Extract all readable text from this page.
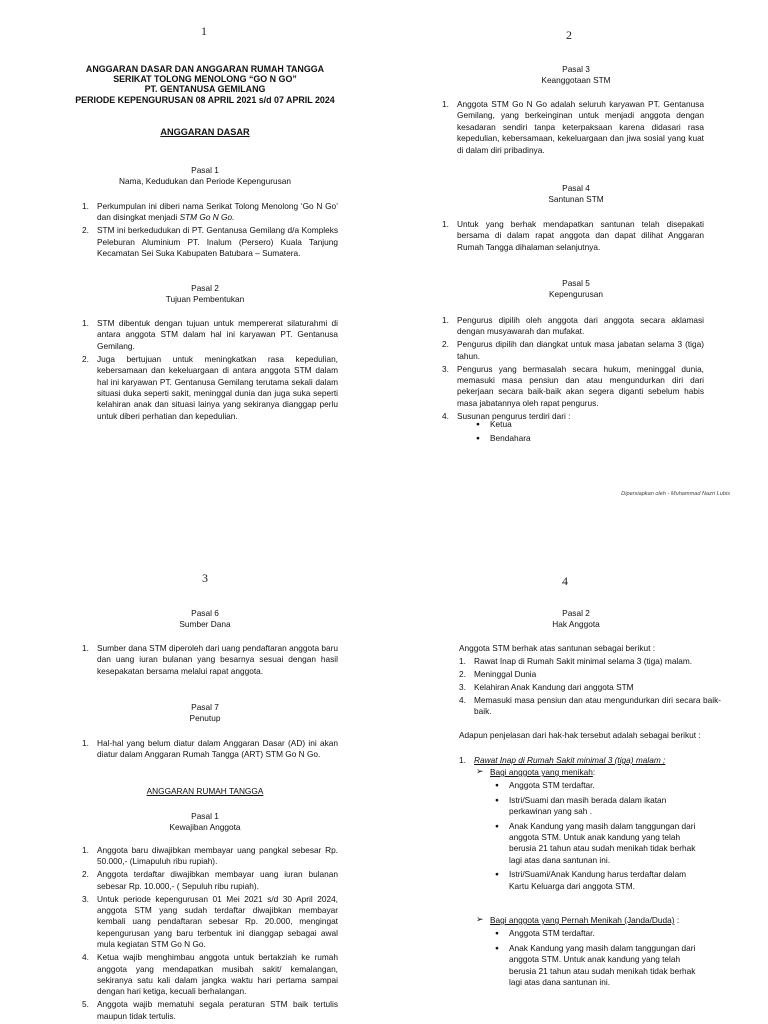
1
ANGGARAN DASAR DAN ANGGARAN RUMAH TANGGA
SERIKAT TOLONG MENOLONG “GO N GO”
PT. GENTANUSA GEMILANG
PERIODE KEPENGURUSAN 08 APRIL 2021 s/d 07 APRIL 2024
ANGGARAN DASAR
Pasal 1
Nama, Kedudukan dan Periode Kepengurusan
1. Perkumpulan ini diberi nama Serikat Tolong Menolong ‘Go N Go’ dan disingkat menjadi STM Go N Go.
2. STM ini berkedudukan di PT. Gentanusa Gemilang d/a Kompleks Peleburan Aluminium PT. Inalum (Persero) Kuala Tanjung Kecamatan Sei Suka Kabupaten Batubara – Sumatera.
Pasal 2
Tujuan Pembentukan
1. STM dibentuk dengan tujuan untuk mempererat silaturahmi di antara anggota STM dalam hal ini karyawan PT. Gentanusa Gemilang.
2. Juga bertujuan untuk meningkatkan rasa kepedulian, kebersamaan dan kekeluargaan di antara anggota STM dalam hal ini karyawan PT. Gentanusa Gemilang terutama sekali dalam situasi duka seperti sakit, meninggal dunia dan juga suka seperti kelahiran anak dan situasi lainya yang sekiranya dianggap perlu untuk diberi perhatian dan kepedulian.
2
Pasal 3
Keanggotaan STM
1. Anggota STM Go N Go adalah seluruh karyawan PT. Gentanusa Gemilang, yang berkeinginan untuk menjadi anggota dengan kesadaran sendiri tanpa keterpaksaan karena didasari rasa kepedulian, kebersamaan, kekeluargaan dan jiwa sosial yang kuat di dalam diri pribadinya.
Pasal 4
Santunan STM
1. Untuk yang berhak mendapatkan santunan telah disepakati bersama di dalam rapat anggota dan dapat dilihat Anggaran Rumah Tangga dihalaman selanjutnya.
Pasal 5
Kepengurusan
1. Pengurus dipilih oleh anggota dari anggota secara aklamasi dengan musyawarah dan mufakat.
2. Pengurus dipilih dan diangkat untuk masa jabatan selama 3 (tiga) tahun.
3. Pengurus yang bermasalah secara hukum, meninggal dunia, memasuki masa pensiun dan atau mengundurkan diri dari pekerjaan secara baik-baik akan segera diganti sebelum habis masa jabatannya oleh rapat pengurus.
4. Susunan pengurus terdiri dari :
● Ketua
● Bendahara
Dipersiapkan oleh - Muhammad Nazri Lubis
3
Pasal 6
Sumber Dana
1. Sumber dana STM diperoleh dari uang pendaftaran anggota baru dan uang iuran bulanan yang besarnya sesuai dengan hasil kesepakatan bersama melalui rapat anggota.
Pasal 7
Penutup
1. Hal-hal yang belum diatur dalam Anggaran Dasar (AD) ini akan diatur dalam Anggaran Rumah Tangga (ART) STM Go N Go.
ANGGARAN RUMAH TANGGA
Pasal 1
Kewajiban Anggota
1. Anggota baru diwajibkan membayar uang pangkal sebesar Rp. 50.000,- (Limapuluh ribu rupiah).
2. Anggota terdaftar diwajibkan membayar uang iuran bulanan sebesar Rp. 10.000,- ( Sepuluh ribu rupiah).
3. Untuk periode kepengurusan 01 Mei 2021 s/d 30 April 2024, anggota STM yang sudah terdaftar diwajibkan membayar kembali uang pendaftaran sebesar Rp. 20.000, mengingat kepengurusan yang baru terbentuk ini dianggap sebagai awal mula kegiatan STM Go N Go.
4. Ketua wajib menghimbau anggota untuk bertakziah ke rumah anggota yang mendapatkan musibah sakit/ kemalangan, sekiranya satu kali dalam jangka waktu hari pertama sampai dengan hari ketiga, kecuali berhalangan.
5. Anggota wajib mematuhi segala peraturan STM baik tertulis maupun tidak tertulis.
4
Pasal 2
Hak Anggota
Anggota STM berhak atas santunan sebagai berikut :
1. Rawat Inap di Rumah Sakit minimal selama 3 (tiga) malam.
2. Meninggal Dunia
3. Kelahiran Anak Kandung dari anggota STM
4. Memasuki masa pensiun dan atau mengundurkan diri secara baik-baik.
Adapun penjelasan dari hak-hak tersebut adalah sebagai berikut :
1. Rawat Inap di Rumah Sakit minimal 3 (tiga) malam ;
➢ Bagi anggota yang menikah:
● Anggota STM terdaftar.
● Istri/Suami dan masih berada dalam ikatan perkawinan yang sah .
● Anak Kandung yang masih dalam tanggungan dari anggota STM. Untuk anak kandung yang telah berusia 21 tahun atau sudah menikah tidak berhak lagi atas dana santunan ini.
● Istri/Suami/Anak Kandung harus terdaftar dalam Kartu Keluarga dari anggota STM.
➢ Bagi anggota yang Pernah Menikah (Janda/Duda) :
● Anggota STM terdaftar.
● Anak Kandung yang masih dalam tanggungan dari anggota STM. Untuk anak kandung yang telah berusia 21 tahun atau sudah menikah tidak berhak lagi atas dana santunan ini.
